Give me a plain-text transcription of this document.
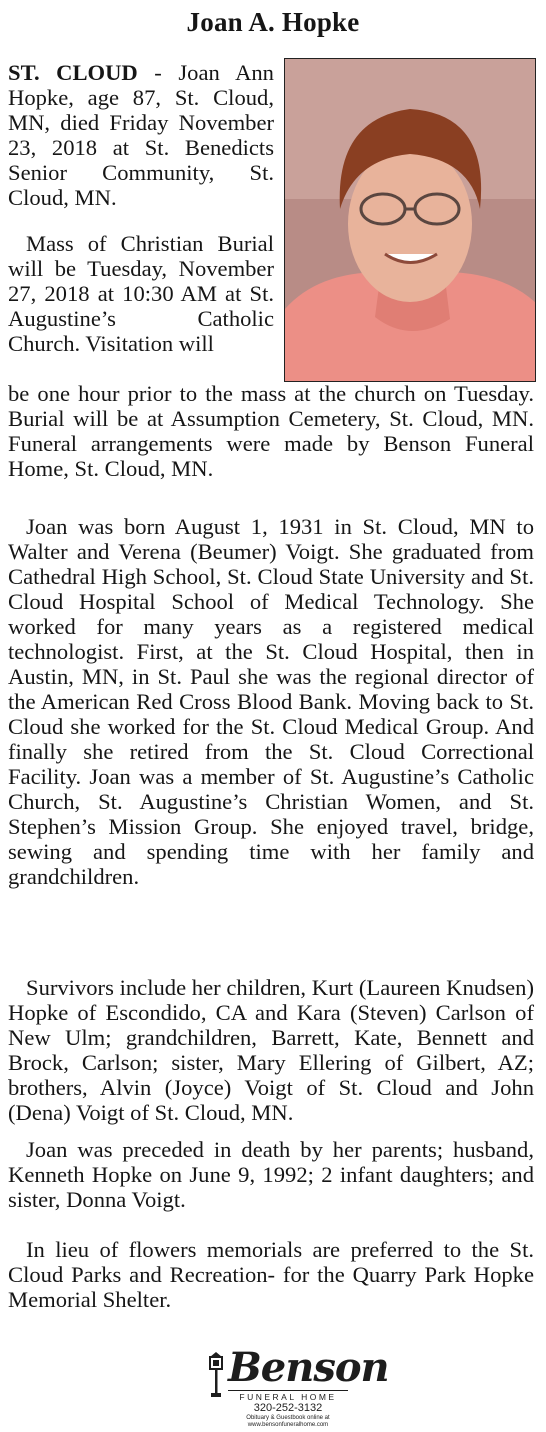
Joan A. Hopke

ST. CLOUD - Joan Ann Hopke, age 87, St. Cloud, MN, died Friday November 23, 2018 at St. Benedicts Senior Community, St. Cloud, MN.

Mass of Christian Burial will be Tuesday, November 27, 2018 at 10:30 AM at St. Augustine’s Catholic Church. Visitation will

be one hour prior to the mass at the church on Tuesday. Burial will be at Assumption Cemetery, St. Cloud, MN. Funeral arrangements were made by Benson Funeral Home, St. Cloud, MN.

Joan was born August 1, 1931 in St. Cloud, MN to Walter and Verena (Beumer) Voigt. She graduated from Cathedral High School, St. Cloud State University and St. Cloud Hospital School of Medical Technology. She worked for many years as a registered medical technologist. First, at the St. Cloud Hospital, then in Austin, MN, in St. Paul she was the regional director of the American Red Cross Blood Bank. Moving back to St. Cloud she worked for the St. Cloud Medical Group. And finally she retired from the St. Cloud Correctional Facility. Joan was a member of St. Augustine’s Catholic Church, St. Augustine’s Christian Women, and St. Stephen’s Mission Group. She enjoyed travel, bridge, sewing and spending time with her family and grandchildren.

Survivors include her children, Kurt (Laureen Knudsen) Hopke of Escondido, CA and Kara (Steven) Carlson of New Ulm; grandchildren, Barrett, Kate, Bennett and Brock, Carlson; sister, Mary Ellering of Gilbert, AZ; brothers, Alvin (Joyce) Voigt of St. Cloud and John (Dena) Voigt of St. Cloud, MN.

Joan was preceded in death by her parents; husband, Kenneth Hopke on June 9, 1992; 2 infant daughters; and sister, Donna Voigt.

In lieu of flowers memorials are preferred to the St. Cloud Parks and Recreation- for the Quarry Park Hopke Memorial Shelter.

Benson
FUNERAL HOME
320-252-3132
Obituary & Guestbook online at
www.bensonfuneralhome.com
